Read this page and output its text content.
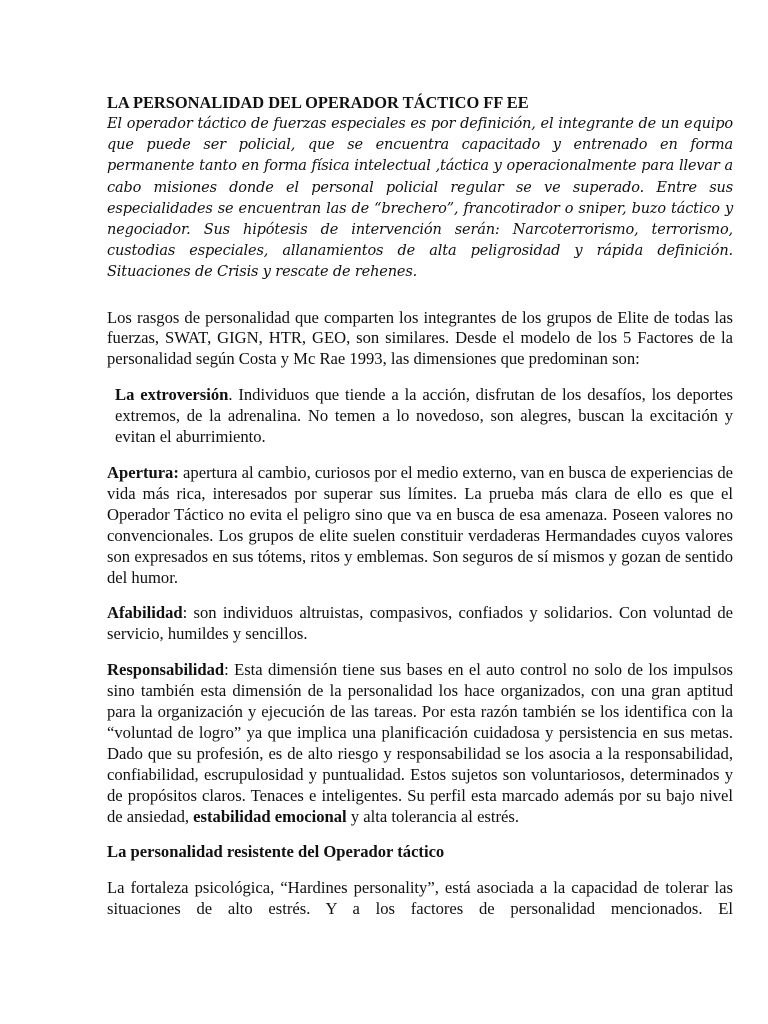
LA PERSONALIDAD DEL OPERADOR TÁCTICO FF EE

El operador táctico de fuerzas especiales es por definición, el integrante de un equipo que puede ser policial, que se encuentra capacitado y entrenado en forma permanente tanto en forma física intelectual ,táctica y operacionalmente para llevar a cabo misiones donde el personal policial regular se ve superado. Entre sus especialidades se encuentran las de “brechero”, francotirador o sniper, buzo táctico y negociador. Sus hipótesis de intervención serán: Narcoterrorismo, terrorismo, custodias especiales, allanamientos de alta peligrosidad y rápida definición. Situaciones de Crisis y rescate de rehenes.

Los rasgos de personalidad que comparten los integrantes de los grupos de Elite de todas las fuerzas, SWAT, GIGN, HTR, GEO, son similares. Desde el modelo de los 5 Factores de la personalidad según Costa y Mc Rae 1993, las dimensiones que predominan son:

La extroversión. Individuos que tiende a la acción, disfrutan de los desafíos, los deportes extremos, de la adrenalina. No temen a lo novedoso, son alegres, buscan la excitación y evitan el aburrimiento.

Apertura: apertura al cambio, curiosos por el medio externo, van en busca de experiencias de vida más rica, interesados por superar sus límites. La prueba más clara de ello es que el Operador Táctico no evita el peligro sino que va en busca de esa amenaza. Poseen valores no convencionales. Los grupos de elite suelen constituir verdaderas Hermandades cuyos valores son expresados en sus tótems, ritos y emblemas. Son seguros de sí mismos y gozan de sentido del humor.

Afabilidad: son individuos altruistas, compasivos, confiados y solidarios. Con voluntad de servicio, humildes y sencillos.

Responsabilidad: Esta dimensión tiene sus bases en el auto control no solo de los impulsos sino también esta dimensión de la personalidad los hace organizados, con una gran aptitud para la organización y ejecución de las tareas. Por esta razón también se los identifica con la “voluntad de logro” ya que implica una planificación cuidadosa y persistencia en sus metas. Dado que su profesión, es de alto riesgo y responsabilidad se los asocia a la responsabilidad, confiabilidad, escrupulosidad y puntualidad. Estos sujetos son voluntariosos, determinados y de propósitos claros. Tenaces e inteligentes. Su perfil esta marcado además por su bajo nivel de ansiedad, estabilidad emocional y alta tolerancia al estrés.

La personalidad resistente del Operador táctico

La fortaleza psicológica, “Hardines personality”, está asociada a la capacidad de tolerar las situaciones de alto estrés. Y a los factores de personalidad mencionados. El
